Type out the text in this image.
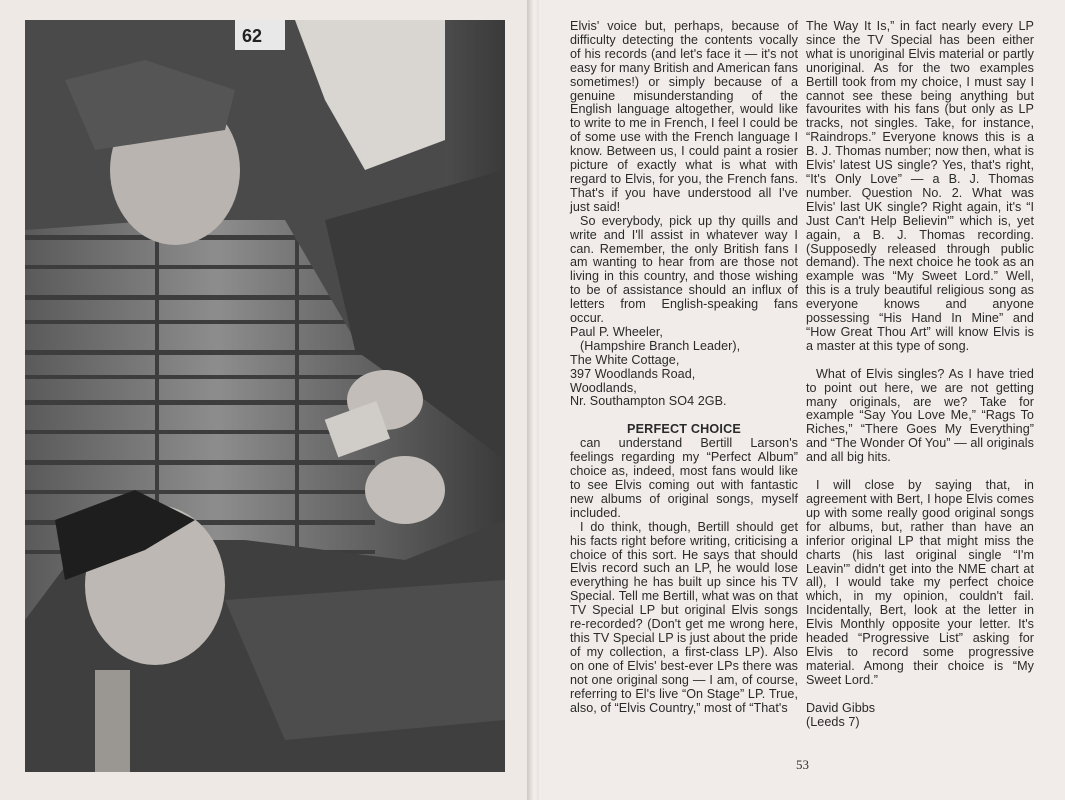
62	Elvis' voice but, perhaps, because of difficulty detecting the contents vocally of his records (and let's face it — it's not easy for many British and American fans sometimes!) or simply because of a genuine misunderstanding of the English language altogether, would like to write to me in French, I feel I could be of some use with the French language I know. Between us, I could paint a rosier picture of exactly what is what with regard to Elvis, for you, the French fans. That's if you have understood all I've just said!

So everybody, pick up thy quills and write and I'll assist in whatever way I can. Remember, the only British fans I am wanting to hear from are those not living in this country, and those wishing to be of assistance should an influx of letters from English-speaking fans occur.

Paul P. Wheeler,
(Hampshire Branch Leader),
The White Cottage,
397 Woodlands Road,
Woodlands,
Nr. Southampton SO4 2GB.
PERFECT CHOICE

can understand Bertill Larson's feelings regarding my “Perfect Album” choice as, indeed, most fans would like to see Elvis coming out with fantastic new albums of original songs, myself included.

I do think, though, Bertill should get his facts right before writing, criticising a choice of this sort. He says that should Elvis record such an LP, he would lose everything he has built up since his TV Special. Tell me Bertill, what was on that TV Special LP but original Elvis songs re-recorded? (Don't get me wrong here, this TV Special LP is just about the pride of my collection, a first-class LP). Also on one of Elvis' best-ever LPs there was not one original song — I am, of course, referring to El's live “On Stage” LP. True, also, of “Elvis Country,” most of “That's

The Way It Is,” in fact nearly every LP since the TV Special has been either what is unoriginal Elvis material or partly unoriginal. As for the two examples Bertill took from my choice, I must say I cannot see these being anything but favourites with his fans (but only as LP tracks, not singles. Take, for instance, “Raindrops.” Everyone knows this is a B. J. Thomas number; now then, what is Elvis' latest US single? Yes, that's right, “It's Only Love” — a B. J. Thomas number. Question No. 2. What was Elvis' last UK single? Right again, it's “I Just Can't Help Believin'” which is, yet again, a B. J. Thomas recording. (Supposedly released through public demand). The next choice he took as an example was “My Sweet Lord.” Well, this is a truly beautiful religious song as everyone knows and anyone possessing “His Hand In Mine” and “How Great Thou Art” will know Elvis is a master at this type of song.

What of Elvis singles? As I have tried to point out here, we are not getting many originals, are we? Take for example “Say You Love Me,” “Rags To Riches,” “There Goes My Everything” and “The Wonder Of You” — all originals and all big hits.

I will close by saying that, in agreement with Bert, I hope Elvis comes up with some really good original songs for albums, but, rather than have an inferior original LP that might miss the charts (his last original single “I'm Leavin'” didn't get into the NME chart at all), I would take my perfect choice which, in my opinion, couldn't fail. Incidentally, Bert, look at the letter in Elvis Monthly opposite your letter. It's headed “Progressive List” asking for Elvis to record some progressive material. Among their choice is “My Sweet Lord.”

David Gibbs
(Leeds 7)
53
